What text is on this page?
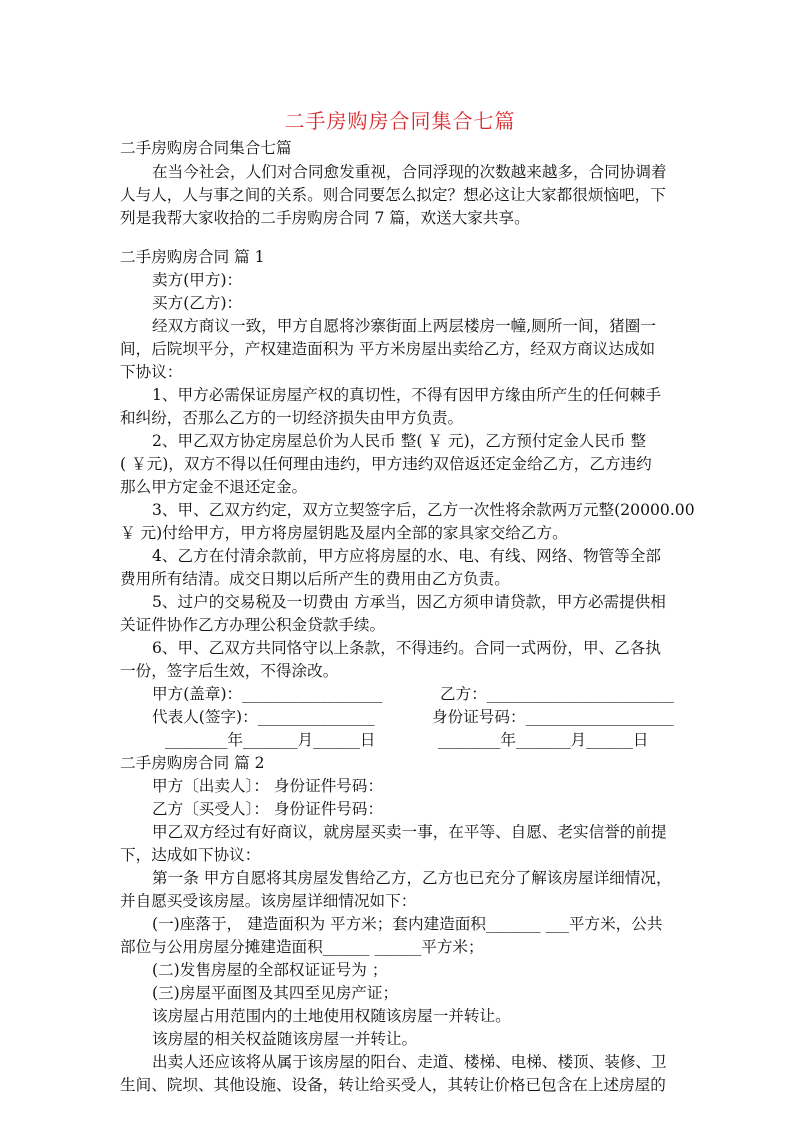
二手房购房合同集合七篇
二手房购房合同集合七篇
在当今社会，人们对合同愈发重视，合同浮现的次数越来越多，合同协调着
人与人，人与事之间的关系。则合同要怎么拟定？想必这让大家都很烦恼吧，下
列是我帮大家收拾的二手房购房合同 7 篇，欢送大家共享。
二手房购房合同 篇 1
卖方(甲方)：
买方(乙方)：
经双方商议一致，甲方自愿将沙寨街面上两层楼房一幢,厕所一间，猪圈一
间，后院坝平分，产权建造面积为 平方米房屋出卖给乙方，经双方商议达成如
下协议：
1、甲方必需保证房屋产权的真切性，不得有因甲方缘由所产生的任何棘手
和纠纷，否那么乙方的一切经济损失由甲方负责。
2、甲乙双方协定房屋总价为人民币 整( ￥ 元)，乙方预付定金人民币 整
( ￥元)，双方不得以任何理由违约，甲方违约双倍返还定金给乙方，乙方违约
那么甲方定金不退还定金。
3、甲、乙双方约定，双方立契签字后，乙方一次性将余款两万元整(20000.00
￥ 元)付给甲方，甲方将房屋钥匙及屋内全部的家具家交给乙方。
4、乙方在付清余款前，甲方应将房屋的水、电、有线、网络、物管等全部
费用所有结清。成交日期以后所产生的费用由乙方负责。
5、过户的交易税及一切费由 方承当，因乙方须申请贷款，甲方必需提供相
关证件协作乙方办理公积金贷款手续。
6、甲、乙双方共同恪守以上条款，不得违约。合同一式两份，甲、乙各执
一份，签字后生效，不得涂改。
甲方(盖章)：__________________	乙方：________________________
代表人(签字)：_______________	身份证号码：___________________
________年_______月______日	________年_______月______日
二手房购房合同 篇 2
甲方〔出卖人〕： 身份证件号码：
乙方〔买受人〕： 身份证件号码：
甲乙双方经过有好商议，就房屋买卖一事，在平等、自愿、老实信誉的前提
下，达成如下协议：
第一条 甲方自愿将其房屋发售给乙方，乙方也已充分了解该房屋详细情况，
并自愿买受该房屋。该房屋详细情况如下：
(一)座落于， 建造面积为 平方米；套内建造面积_______ ___平方米，公共
部位与公用房屋分摊建造面积______ ______平方米；
(二)发售房屋的全部权证证号为 ；
(三)房屋平面图及其四至见房产证；
该房屋占用范围内的土地使用权随该房屋一并转让。
该房屋的相关权益随该房屋一并转让。
出卖人还应该将从属于该房屋的阳台、走道、楼梯、电梯、楼顶、装修、卫
生间、院坝、其他设施、设备，转让给买受人，其转让价格已包含在上述房屋的
